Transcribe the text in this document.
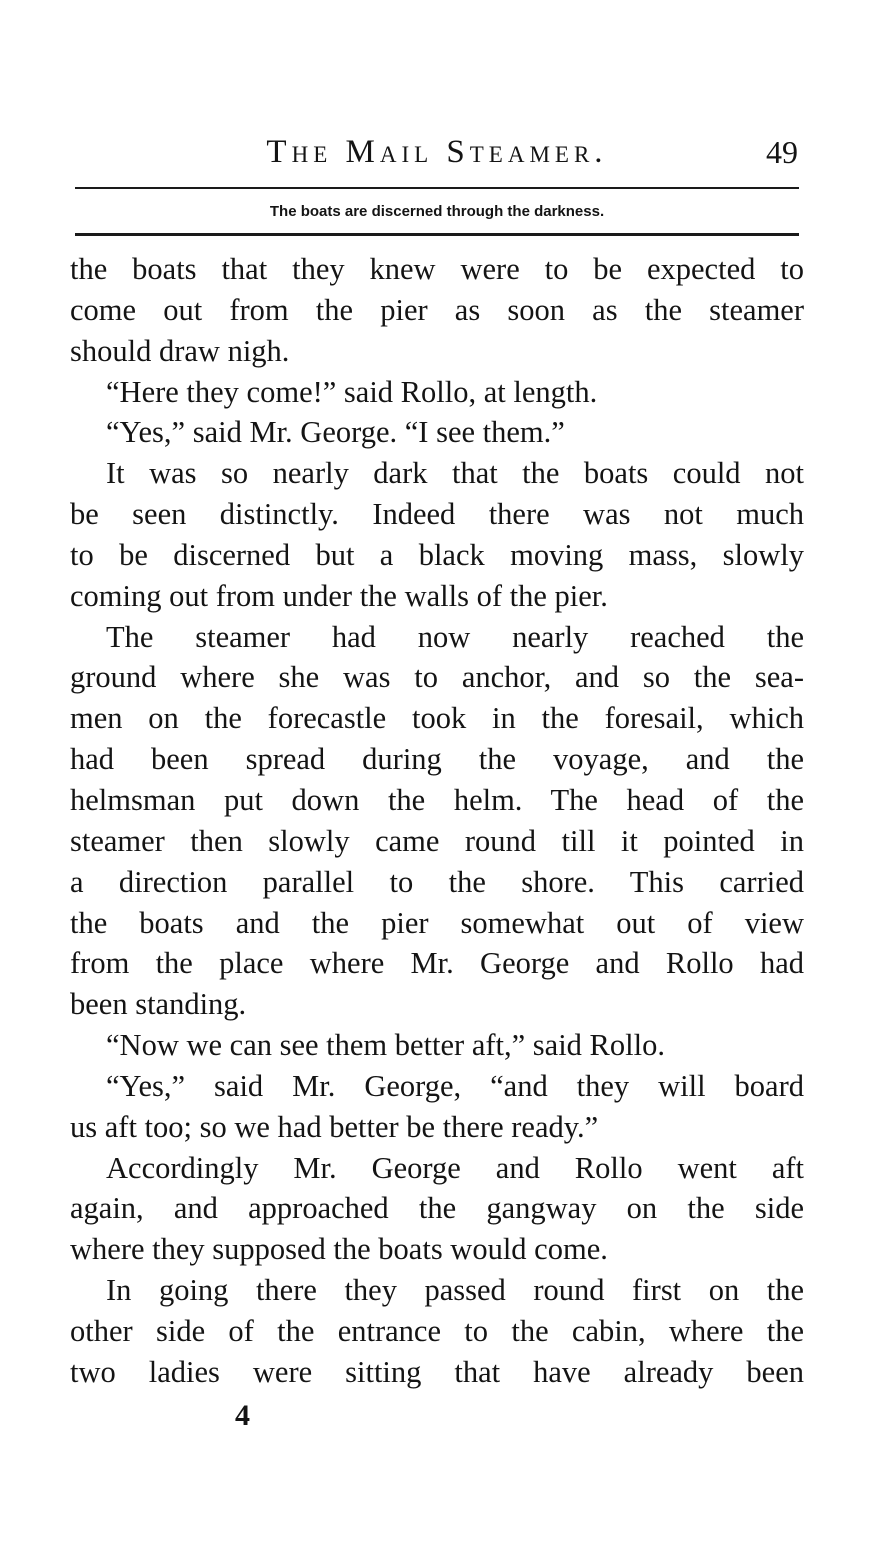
The Mail Steamer.	49
The boats are discerned through the darkness.
the boats that they knew were to be expected to
come out from the pier as soon as the steamer
should draw nigh.
“Here they come!” said Rollo, at length.
“Yes,” said Mr. George. “I see them.”
It was so nearly dark that the boats could not
be seen distinctly. Indeed there was not much
to be discerned but a black moving mass, slowly
coming out from under the walls of the pier.
The steamer had now nearly reached the
ground where she was to anchor, and so the sea-
men on the forecastle took in the foresail, which
had been spread during the voyage, and the
helmsman put down the helm. The head of the
steamer then slowly came round till it pointed in
a direction parallel to the shore. This carried
the boats and the pier somewhat out of view
from the place where Mr. George and Rollo had
been standing.
“Now we can see them better aft,” said Rollo.
“Yes,” said Mr. George, “and they will board
us aft too; so we had better be there ready.”
Accordingly Mr. George and Rollo went aft
again, and approached the gangway on the side
where they supposed the boats would come.
In going there they passed round first on the
other side of the entrance to the cabin, where the
two ladies were sitting that have already been
4
